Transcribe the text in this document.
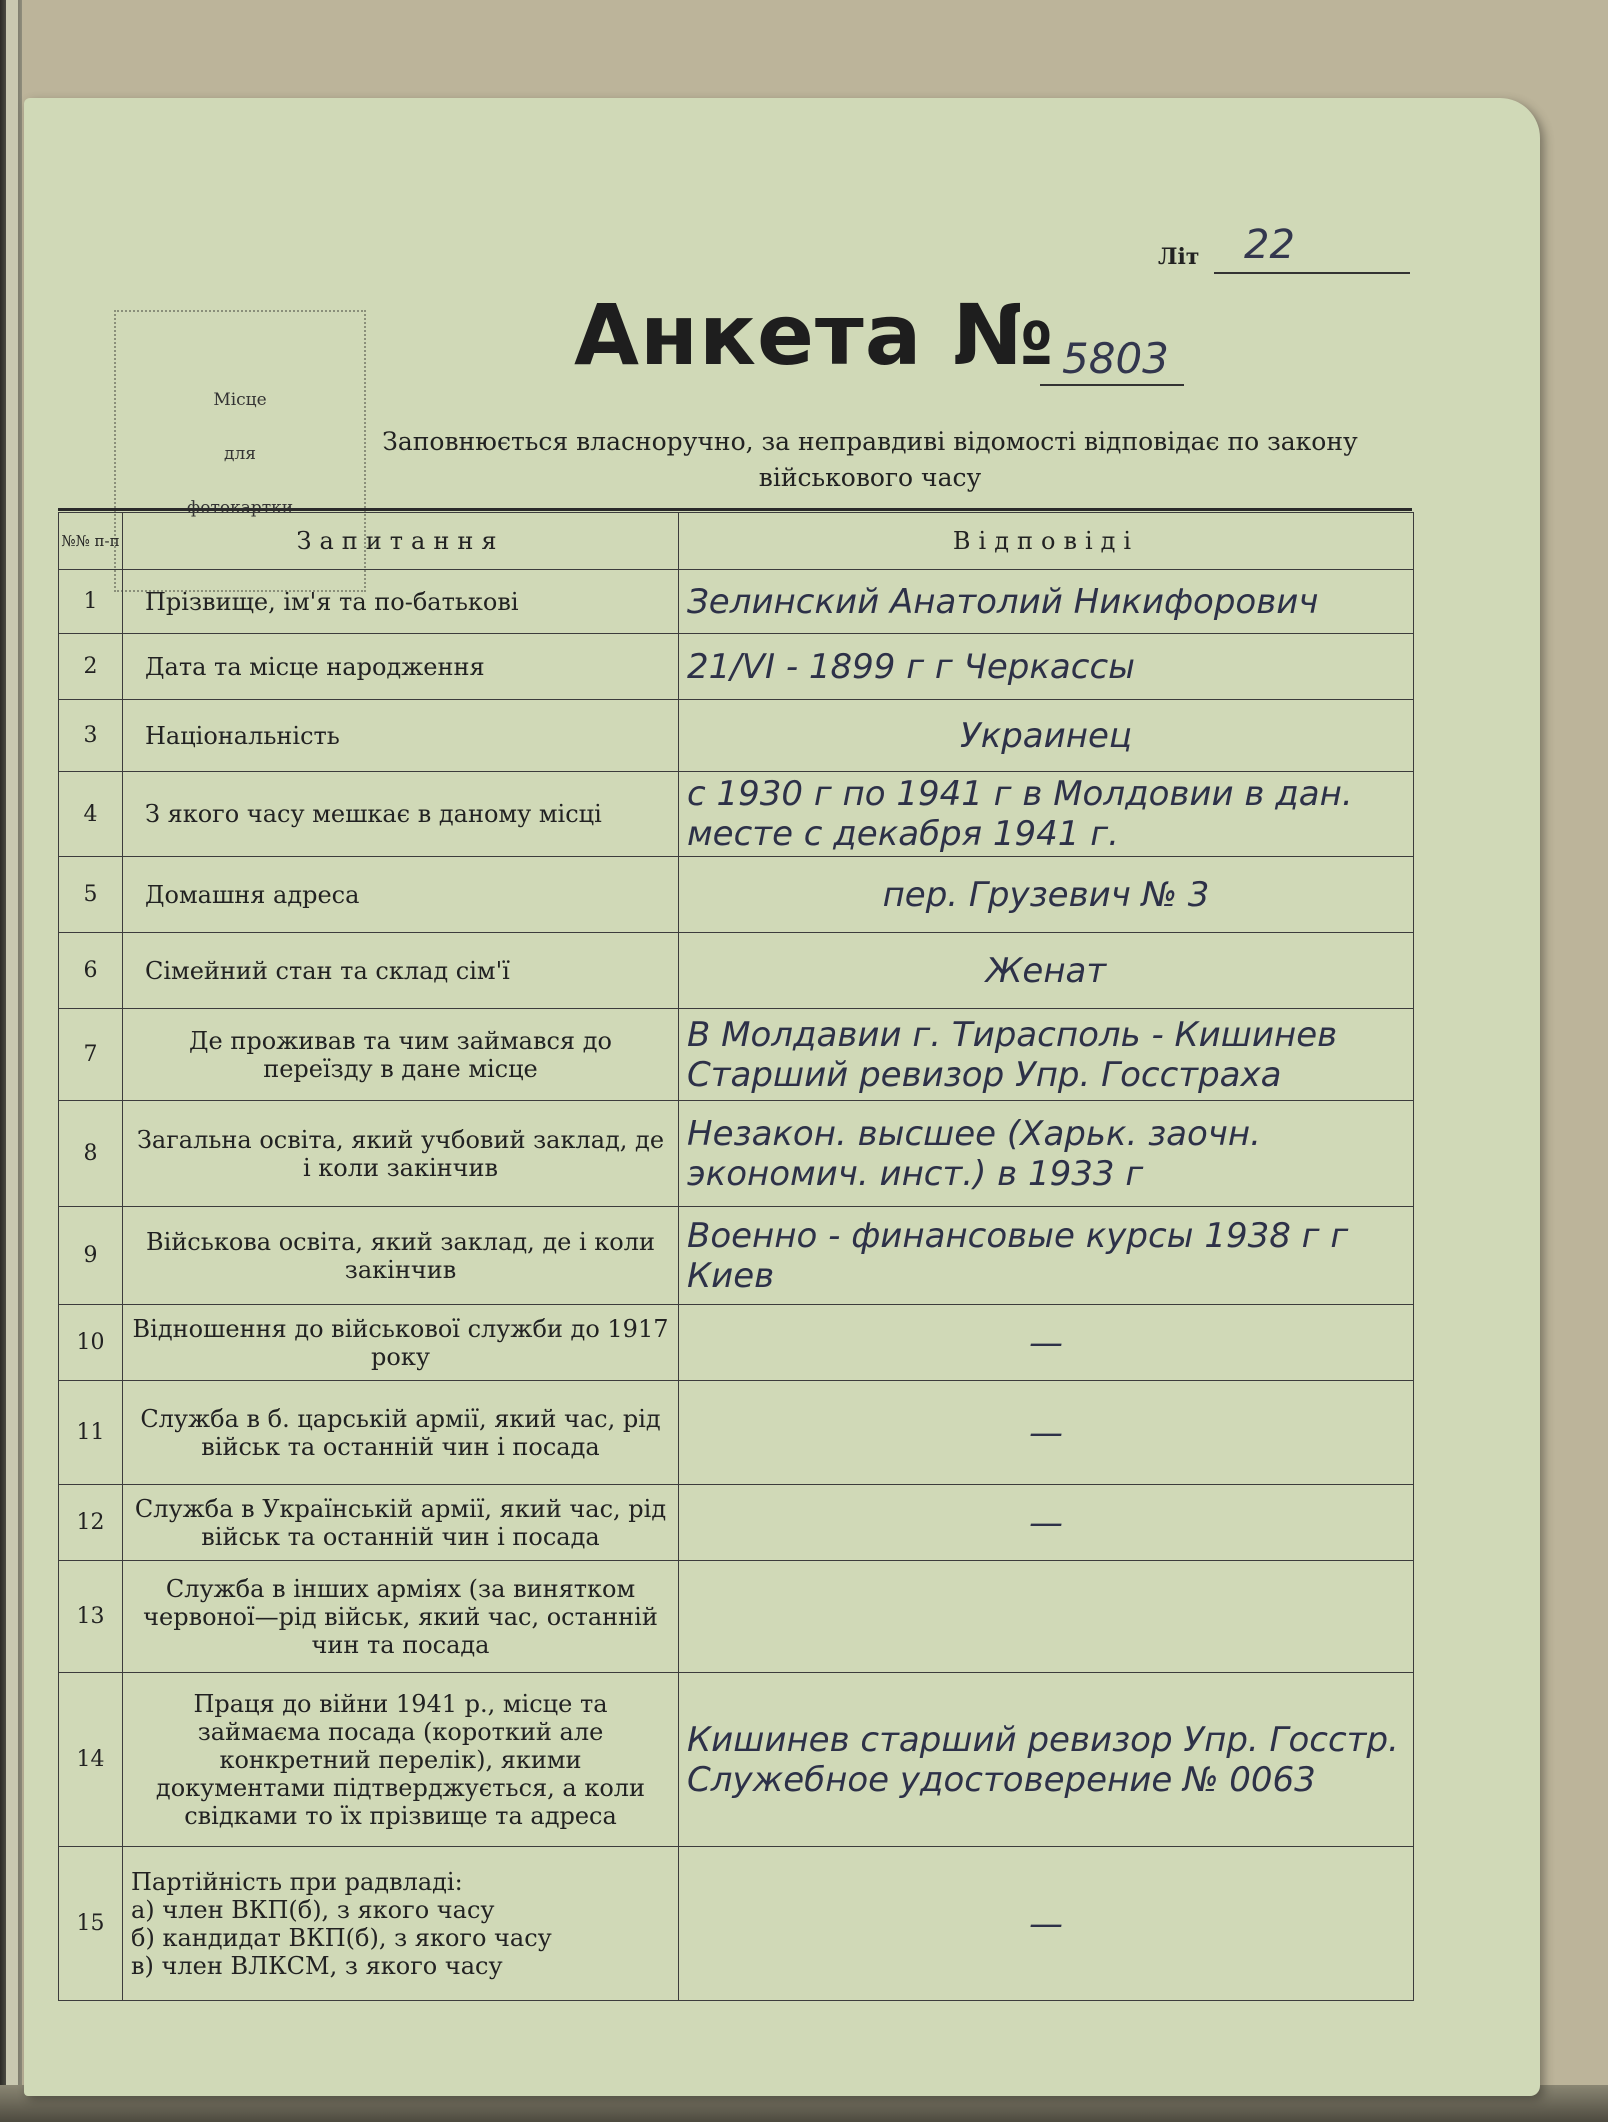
Місце
для
фотокартки
Літ 22
Анкета № 5803
Заповнюється власноручно, за неправдиві відомості відповідає по закону військового часу
№№ п-п	Запитання	Відповіді
1	Прізвище, ім'я та по-батькові	Зелинский Анатолий Никифорович
2	Дата та місце народження	21/VI - 1899 г г Черкассы
3	Національність	Украинец
4	З якого часу мешкає в даному місці	с 1930 г по 1941 г в Молдовии в дан. месте с декабря 1941 г.
5	Домашня адреса	пер. Грузевич № 3
6	Сімейний стан та склад сім'ї	Женат
7	Де проживав та чим займався до переїзду в дане місце	В Молдавии г. Тирасполь - Кишинев Старший ревизор Упр. Госстраха
8	Загальна освіта, який учбовий заклад, де і коли закінчив	Незакон. высшее (Харьк. заочн. экономич. инст.) в 1933 г
9	Військова освіта, який заклад, де і коли закінчив	Военно - финансовые курсы 1938 г г Киев
10	Відношення до військової служби до 1917 року	—
11	Служба в б. царській армії, який час, рід військ та останній чин і посада	—
12	Служба в Українській армії, який час, рід військ та останній чин і посада	—
13	Служба в інших арміях (за винятком червоної—рід військ, який час, останній чин та посада	
14	Праця до війни 1941 р., місце та займаєма посада (короткий але конкретний перелік), якими документами підтверджується, а коли свідками то їх прізвище та адреса	Кишинев старший ревизор Упр. Госстр. Служебное удостоверение № 0063
15	Партійність при радвладі:
а) член ВКП(б), з якого часу
б) кандидат ВКП(б), з якого часу
в) член ВЛКСМ, з якого часу	—
